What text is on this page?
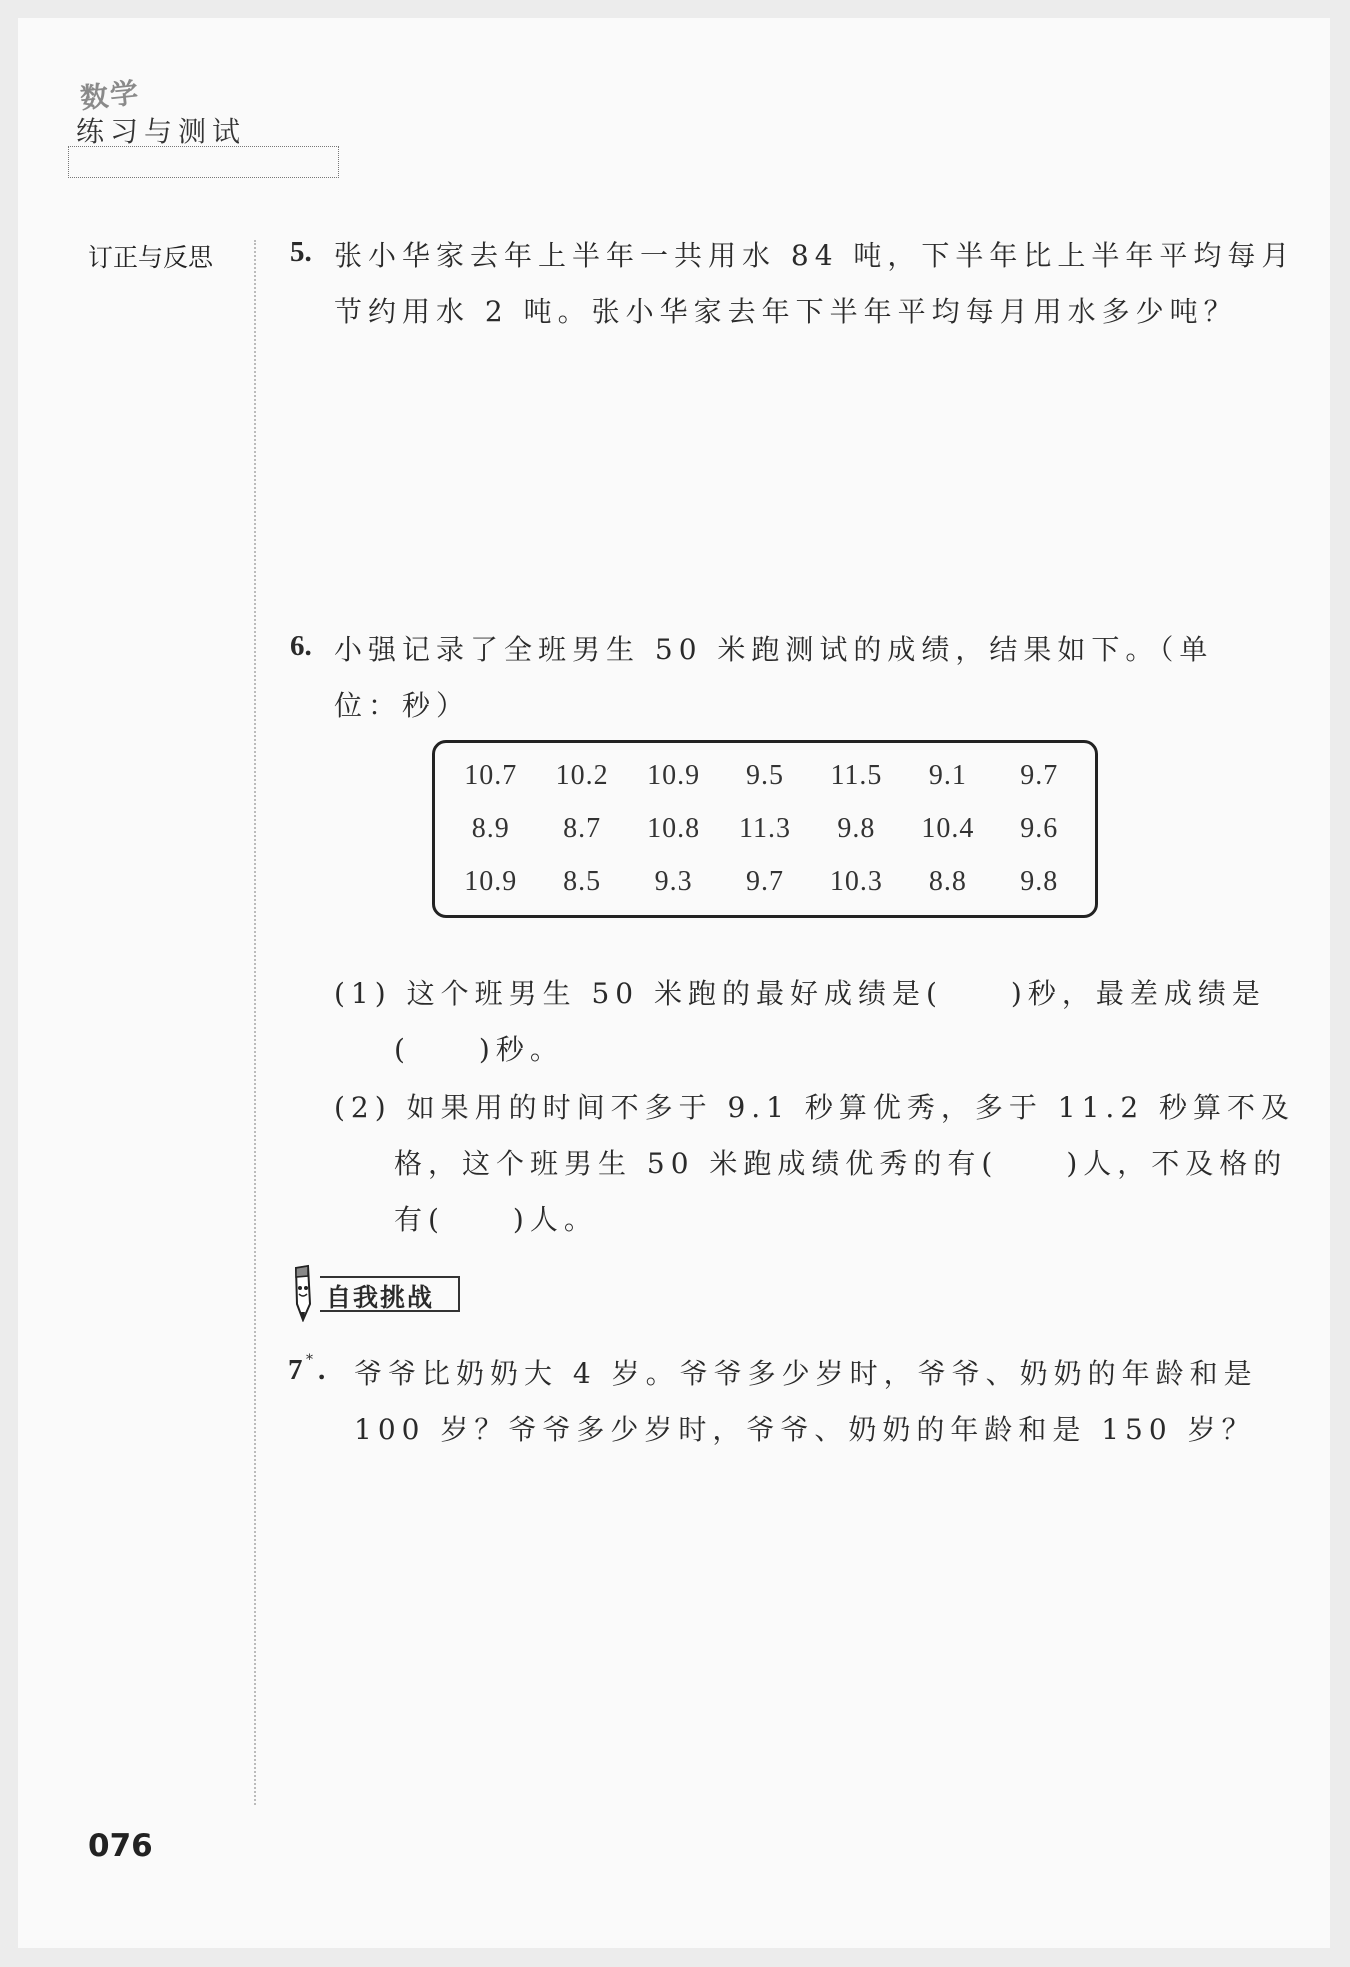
数学
练习与测试
订正与反思	5. 张小华家去年上半年一共用水 84 吨，下半年比上半年平均每月
节约用水 2 吨。张小华家去年下半年平均每月用水多少吨？
6. 小强记录了全班男生 50 米跑测试的成绩，结果如下。（单
位：秒）
10.7	10.2	10.9	9.5	11.5	9.1	9.7
8.9	8.7	10.8	11.3	9.8	10.4	9.6
10.9	8.5	9.3	9.7	10.3	8.8	9.8
(1) 这个班男生 50 米跑的最好成绩是(　　)秒，最差成绩是
(　　)秒。
(2) 如果用的时间不多于 9.1 秒算优秀，多于 11.2 秒算不及
格，这个班男生 50 米跑成绩优秀的有(　　)人，不及格的
有(　　)人。
自我挑战
7 * . 爷爷比奶奶大 4 岁。爷爷多少岁时，爷爷、奶奶的年龄和是
100 岁？爷爷多少岁时，爷爷、奶奶的年龄和是 150 岁？
076
